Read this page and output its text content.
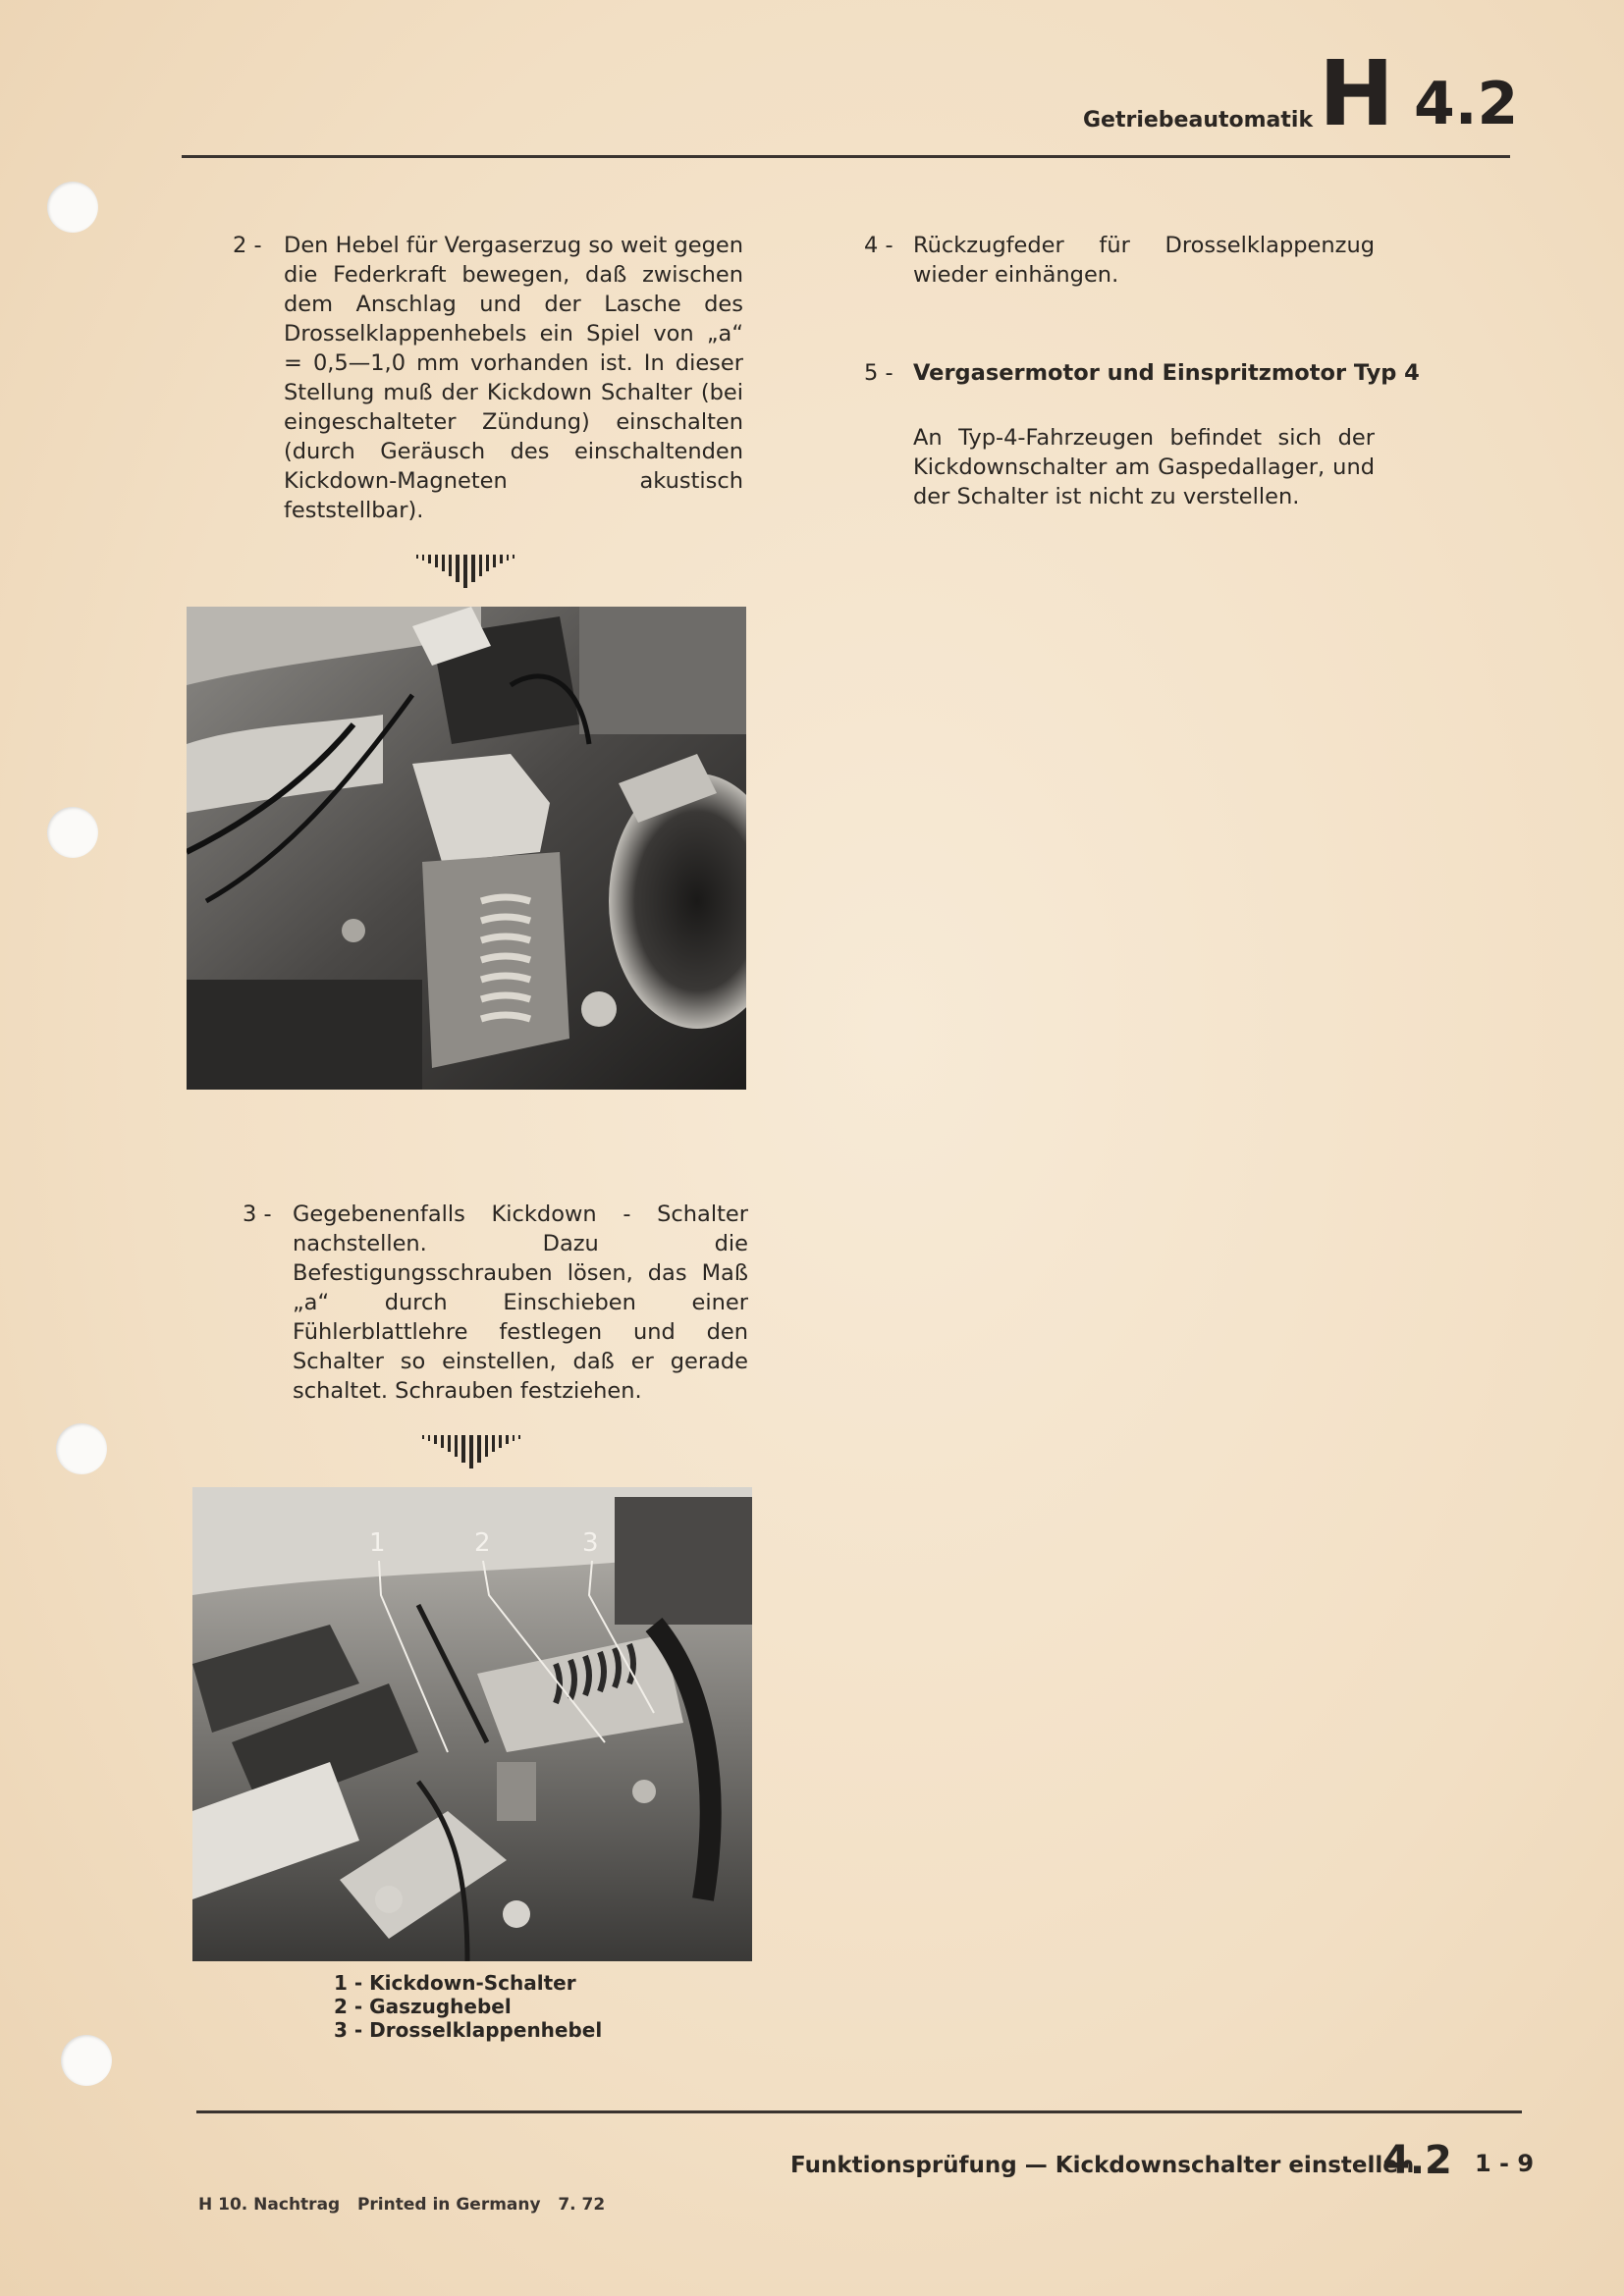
Getriebeautomatik H 4.2
2 - Den Hebel für Vergaserzug so weit gegen die Federkraft bewegen, daß zwischen dem Anschlag und der Lasche des Drosselklappenhebels ein Spiel von „a“ = 0,5—1,0 mm vorhanden ist. In dieser Stellung muß der Kickdown Schalter (bei eingeschalteter Zündung) einschalten (durch Geräusch des einschaltenden Kickdown-Magneten akustisch feststellbar).
3 - Gegebenenfalls Kickdown - Schalter nachstellen. Dazu die Befestigungsschrauben lösen, das Maß „a“ durch Einschieben einer Fühlerblattlehre festlegen und den Schalter so einstellen, daß er gerade schaltet. Schrauben festziehen.
1	2	3
1 - Kickdown-Schalter
2 - Gaszughebel
3 - Drosselklappenhebel
4 - Rückzugfeder für Drosselklappenzug wieder einhängen.
5 - Vergasermotor und Einspritzmotor Typ 4
An Typ-4-Fahrzeugen befindet sich der Kickdownschalter am Gaspedallager, und der Schalter ist nicht zu verstellen.
Funktionsprüfung — Kickdownschalter einstellen
4.2 1 - 9
H 10. Nachtrag   Printed in Germany   7. 72
